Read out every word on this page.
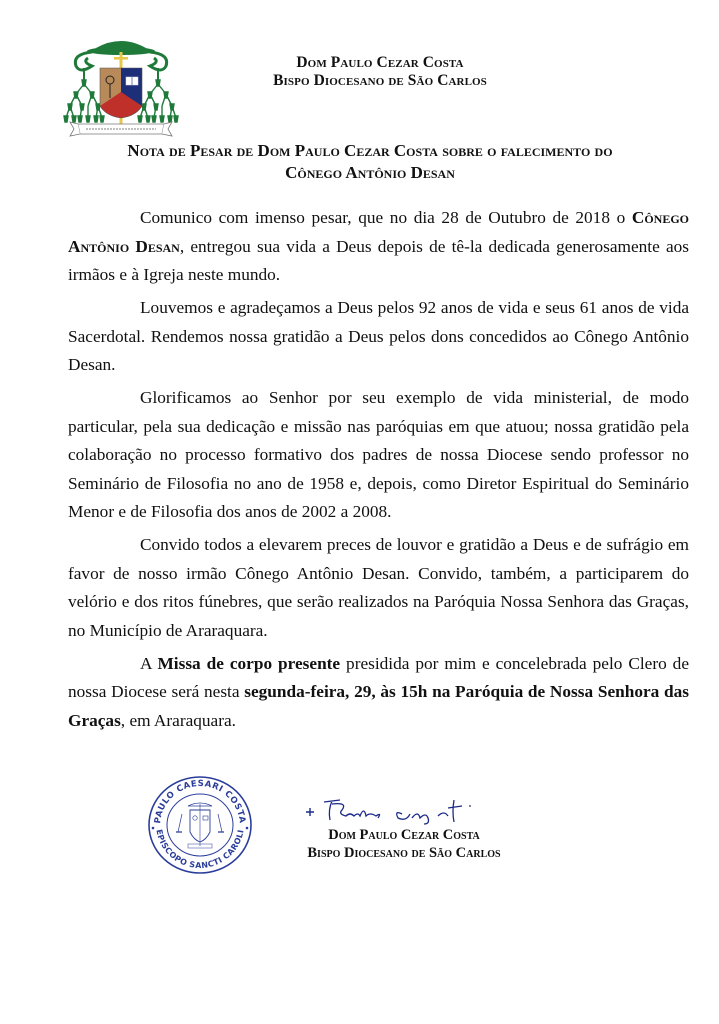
Dom Paulo Cezar Costa
Bispo Diocesano de São Carlos
Nota de Pesar de Dom Paulo Cezar Costa sobre o falecimento do
Cônego Antônio Desan

Comunico com imenso pesar, que no dia 28 de Outubro de 2018 o Cônego Antônio Desan, entregou sua vida a Deus depois de tê-la dedicada generosamente aos irmãos e à Igreja neste mundo.

Louvemos e agradeçamos a Deus pelos 92 anos de vida e seus 61 anos de vida Sacerdotal. Rendemos nossa gratidão a Deus pelos dons concedidos ao Cônego Antônio Desan.

Glorificamos ao Senhor por seu exemplo de vida ministerial, de modo particular, pela sua dedicação e missão nas paróquias em que atuou; nossa gratidão pela colaboração no processo formativo dos padres de nossa Diocese sendo professor no Seminário de Filosofia no ano de 1958 e, depois, como Diretor Espiritual do Seminário Menor e de Filosofia dos anos de 2002 a 2008.

Convido todos a elevarem preces de louvor e gratidão a Deus e de sufrágio em favor de nosso irmão Cônego Antônio Desan. Convido, também, a participarem do velório e dos ritos fúnebres, que serão realizados na Paróquia Nossa Senhora das Graças, no Município de Araraquara.

A Missa de corpo presente presidida por mim e concelebrada pelo Clero de nossa Diocese será nesta segunda-feira, 29, às 15h na Paróquia de Nossa Senhora das Graças, em Araraquara.

PAULO CAESARI COSTA
EPISCOPO SANCTI CAROLI	Dom Paulo Cezar Costa
Bispo Diocesano de São Carlos
